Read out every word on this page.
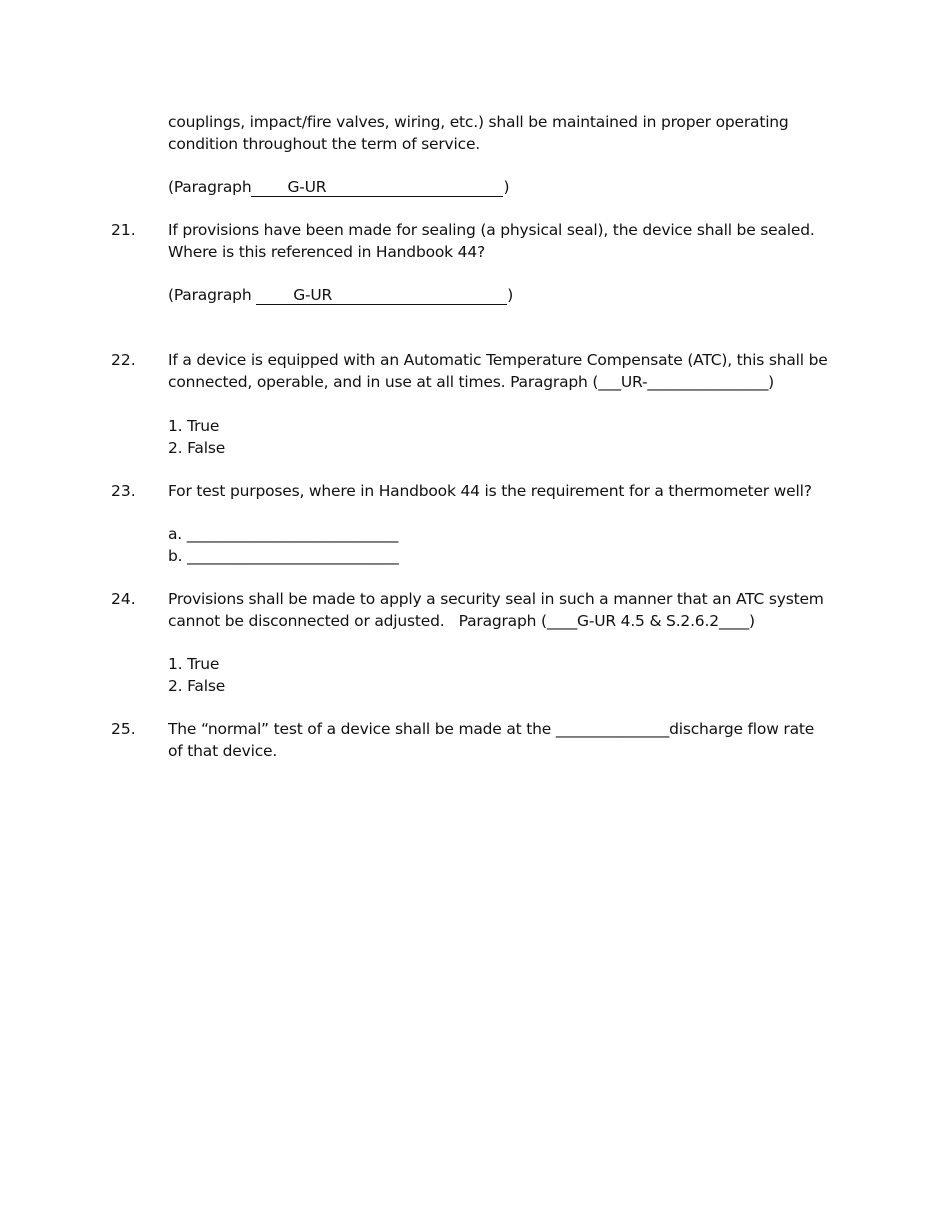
couplings, impact/fire valves, wiring, etc.) shall be maintained in proper operating
condition throughout the term of service.
(Paragraph G-UR	)
21. If provisions have been made for sealing (a physical seal), the device shall be sealed.
Where is this referenced in Handbook 44?
(Paragraph	G-UR	)
22. If a device is equipped with an Automatic Temperature Compensate (ATC), this shall be
connected, operable, and in use at all times. Paragraph (___UR-________________)
1. True
2. False
23. For test purposes, where in Handbook 44 is the requirement for a thermometer well?
a. ____________________________
b. ____________________________
24. Provisions shall be made to apply a security seal in such a manner that an ATC system
cannot be disconnected or adjusted.   Paragraph (____G-UR 4.5 & S.2.6.2____)
1. True
2. False
25. The “normal” test of a device shall be made at the _______________discharge flow rate
of that device.
